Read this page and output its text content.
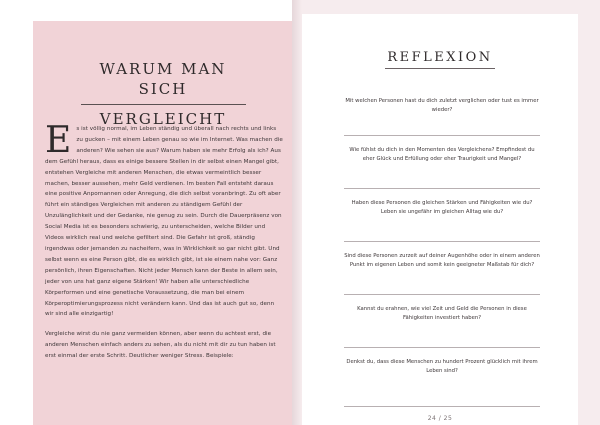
WARUM MAN SICH
VERGLEICHT

E s ist völlig normal, im Leben ständig und überall nach rechts und links zu gucken – mit einem Leben genau so wie im Internet. Was machen die anderen? Wie sehen sie aus? Warum haben sie mehr Erfolg als ich? Aus dem Gefühl heraus, dass es einige bessere Stellen in dir selbst einen Mangel gibt, entstehen Vergleiche mit anderen Menschen, die etwas vermeintlich besser machen, besser aussehen, mehr Geld verdienen. Im besten Fall entsteht daraus eine positive Anpornannen oder Anregung, die dich selbst voranbringt. Zu oft aber führt ein ständiges Vergleichen mit anderen zu ständigem Gefühl der Unzulänglichkeit und der Gedanke, nie genug zu sein. Durch die Dauerpräsenz von Social Media ist es besonders schwierig, zu unterscheiden, welche Bilder und Videos wirklich real und welche gefiltert sind. Die Gefahr ist groß, ständig irgendwas oder jemanden zu nacheifern, was in Wirklichkeit so gar nicht gibt. Und selbst wenn es eine Person gibt, die es wirklich gibt, ist sie einem nahe vor: Ganz persönlich, ihren Eigenschaften. Nicht jeder Mensch kann der Beste in allem sein, jeder von uns hat ganz eigene Stärken! Wir haben alle unterschiedliche Körperformen und eine genetische Voraussetzung, die man bei einem Körperoptimierungsprozess nicht verändern kann. Und das ist auch gut so, denn wir sind alle einzigartig!

Vergleiche wirst du nie ganz vermeiden können, aber wenn du achtest erst, die anderen Menschen einfach anders zu sehen, als du nicht mit dir zu tun haben ist erst einmal der erste Schritt. Deutlicher weniger Stress. Beispiele:

REFLEXION
Mit welchen Personen hast du dich zuletzt verglichen oder tust es immer wieder?
Wie fühlst du dich in den Momenten des Vergleichens? Empfindest du eher Glück und Erfüllung oder eher Traurigkeit und Mangel?
Haben diese Personen die gleichen Stärken und Fähigkeiten wie du? Leben sie ungefähr im gleichen Alltag wie du?
Sind diese Personen zurzeit auf deiner Augenhöhe oder in einem anderen Punkt im eigenen Leben und somit kein geeigneter Maßstab für dich?
Kannst du erahnen, wie viel Zeit und Geld die Personen in diese Fähigkeiten investiert haben?
Denkst du, dass diese Menschen zu hundert Prozent glücklich mit ihrem Leben sind?
24 / 25
